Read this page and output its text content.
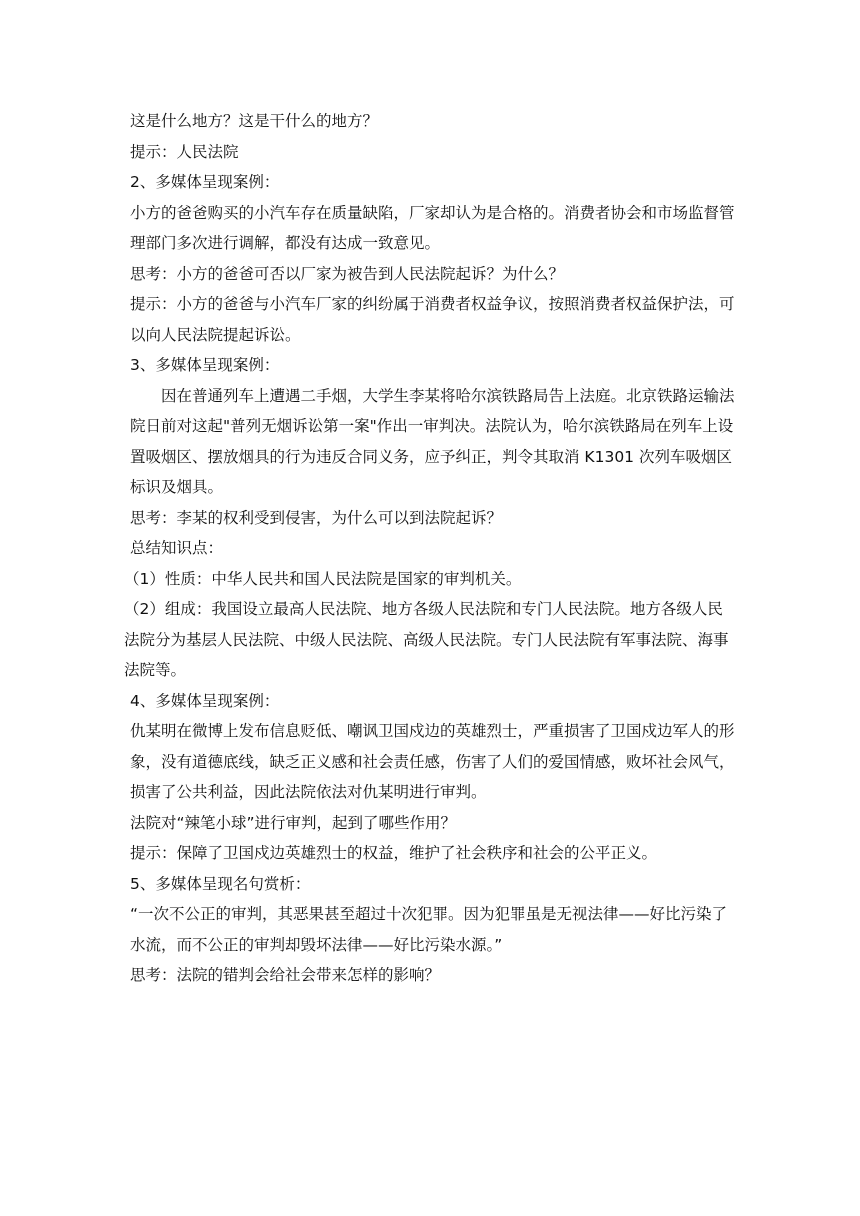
这是什么地方？这是干什么的地方？

提示：人民法院

2、多媒体呈现案例：

小方的爸爸购买的小汽车存在质量缺陷，厂家却认为是合格的。消费者协会和市场监督管理部门多次进行调解，都没有达成一致意见。

思考：小方的爸爸可否以厂家为被告到人民法院起诉？为什么？

提示：小方的爸爸与小汽车厂家的纠纷属于消费者权益争议，按照消费者权益保护法，可以向人民法院提起诉讼。

3、多媒体呈现案例：

因在普通列车上遭遇二手烟，大学生李某将哈尔滨铁路局告上法庭。北京铁路运输法院日前对这起"普列无烟诉讼第一案"作出一审判决。法院认为，哈尔滨铁路局在列车上设置吸烟区、摆放烟具的行为违反合同义务，应予纠正，判令其取消 K1301 次列车吸烟区标识及烟具。

思考：李某的权利受到侵害，为什么可以到法院起诉？

总结知识点：

（1）性质：中华人民共和国人民法院是国家的审判机关。

（2）组成：我国设立最高人民法院、地方各级人民法院和专门人民法院。地方各级人民法院分为基层人民法院、中级人民法院、高级人民法院。专门人民法院有军事法院、海事法院等。

4、多媒体呈现案例：

仇某明在微博上发布信息贬低、嘲讽卫国戍边的英雄烈士，严重损害了卫国戍边军人的形象，没有道德底线，缺乏正义感和社会责任感，伤害了人们的爱国情感，败坏社会风气，损害了公共利益，因此法院依法对仇某明进行审判。

法院对“辣笔小球”进行审判，起到了哪些作用？

提示：保障了卫国戍边英雄烈士的权益，维护了社会秩序和社会的公平正义。

5、多媒体呈现名句赏析：

“一次不公正的审判，其恶果甚至超过十次犯罪。因为犯罪虽是无视法律——好比污染了水流，而不公正的审判却毁坏法律——好比污染水源。”

思考：法院的错判会给社会带来怎样的影响？
